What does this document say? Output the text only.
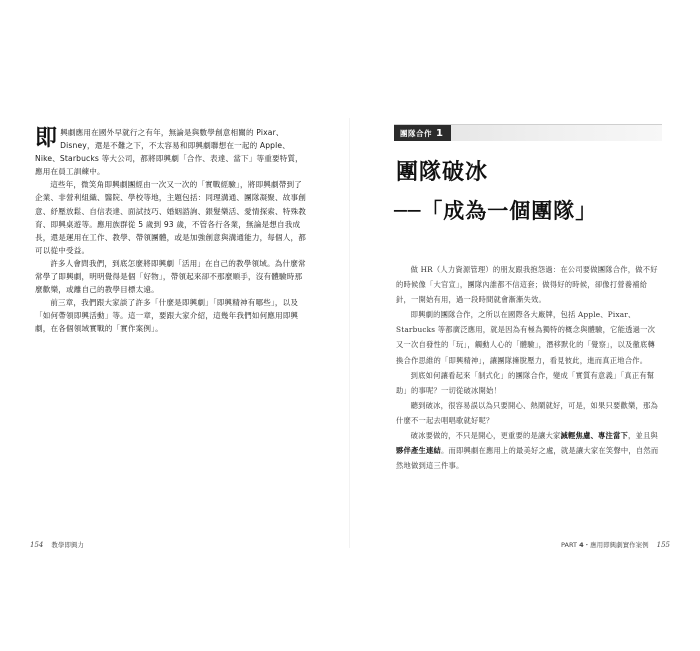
即 興劇應用在國外早就行之有年，無論是與數學創意相關的 Pixar、Disney，還是不難之下，不太容易和即興劇聯想在一起的 Apple、Nike、Starbucks 等大公司，都將即興劇「合作、表達、當下」等重要特質，應用在員工訓練中。

這些年，微笑角即興劇團經由一次又一次的「實戰經驗」，將即興劇帶到了企業、非營利組織、醫院、學校等地，主題包括：同理溝通、團隊凝聚、故事創意、紓壓放鬆、自信表達、面試技巧、婚姻諮詢、銀髮樂活、愛情探索、特殊教育、即興桌遊等。應用族群從 5 歲到 93 歲，不管各行各業，無論是想自我成長，還是運用在工作、教學、帶領團體，或是加強創意與溝通能力，每個人，都可以從中受益。

許多人會問我們，到底怎麼將即興劇「活用」在自己的教學領域。為什麼常常學了即興劇，明明覺得是個「好物」，帶領起來卻不那麼順手，沒有體驗時那麼歡樂，或離自己的教學目標太遠。

前三章，我們跟大家談了許多「什麼是即興劇」「即興精神有哪些」，以及「如何帶領即興活動」等。這一章，要跟大家介紹，這幾年我們如何應用即興劇，在各個領域實戰的「實作案例」。

154 教學即興力
團隊合作 1
團隊破冰
──「成為一個團隊」

做 HR（人力資源管理）的朋友跟我抱怨過：在公司要做團隊合作，做不好的時候像「大官宣」，團隊內誰都不信這套；做得好的時候，卻像打營養補給針，一開始有用，過一段時間就會漸漸失效。

即興劇的團隊合作，之所以在國際各大廠牌，包括 Apple、Pixar、Starbucks 等都廣泛應用，就是因為有極為獨特的概念與體驗，它能透過一次又一次自發性的「玩」，觸動人心的「體驗」，潛移默化的「覺察」，以及徹底轉換合作思維的「即興精神」，讓團隊擁脫壓力，看見彼此，進而真正地合作。

到底如何讓看起來「制式化」的團隊合作，變成「實質有意義」「真正有幫助」的事呢？一切從破冰開始！

聽到破冰，很容易誤以為只要開心、熱鬧就好，可是，如果只要歡樂，那為什麼不一起去唱唱歌就好呢？

破冰要做的，不只是開心，更重要的是讓大家減輕焦慮、專注當下，並且與夥伴產生連結。而即興劇在應用上的最美好之處，就是讓大家在笑聲中，自然而然地做到這三件事。

PART 4・應用即興劇實作案例 155
